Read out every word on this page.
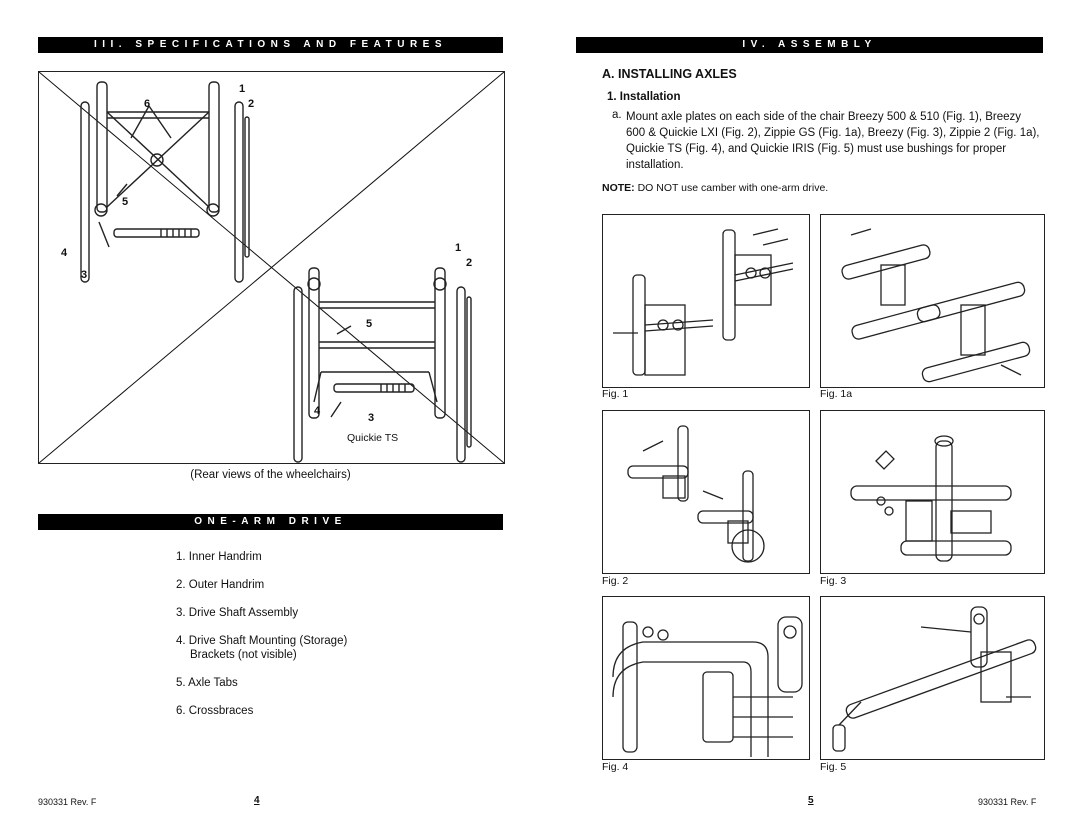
III. SPECIFICATIONS AND FEATURES
1
2
6
5
4
3
1
2
5
4
3
Quickie TS
(Rear views of the wheelchairs)
ONE-ARM DRIVE
1. Inner Handrim
2. Outer Handrim
3. Drive Shaft Assembly
4. Drive Shaft Mounting (Storage)
Brackets (not visible)
5. Axle Tabs
6. Crossbraces
930331 Rev. F	4
IV. ASSEMBLY
A. INSTALLING AXLES
1. Installation
a. Mount axle plates on each side of the chair Breezy 500 & 510 (Fig. 1), Breezy
600 & Quickie LXI (Fig. 2), Zippie GS (Fig. 1a), Breezy (Fig. 3), Zippie 2 (Fig. 1a),
Quickie TS (Fig. 4), and Quickie IRIS (Fig. 5) must use bushings for proper
installation.
NOTE: DO NOT use camber with one-arm drive.
Fig. 1	Fig. 1a
Fig. 2	Fig. 3
Fig. 4	Fig. 5
5	930331 Rev. F
